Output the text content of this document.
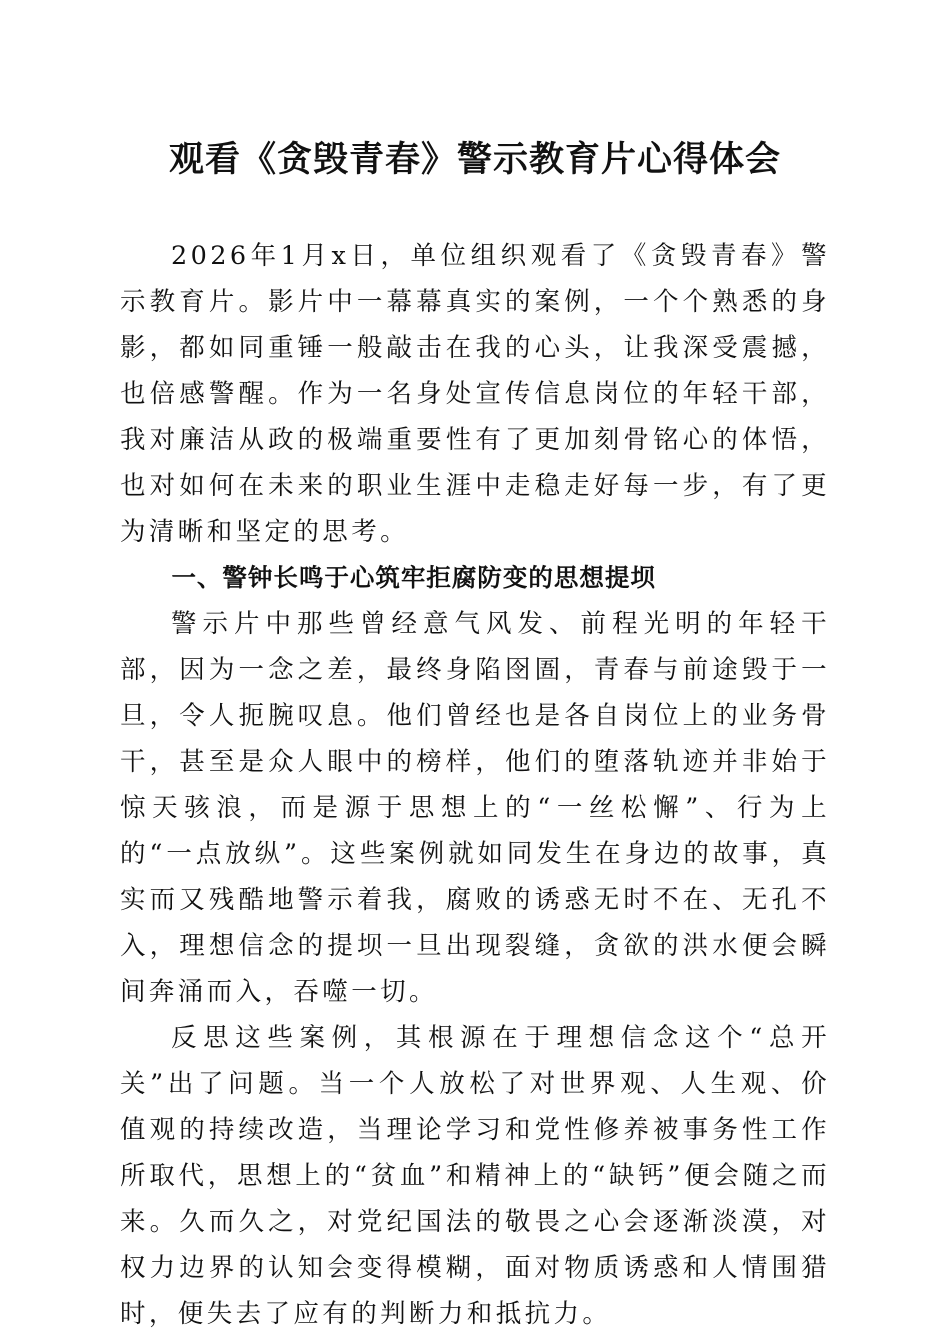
观看《贪毁青春》警示教育片心得体会

2026年1月x日，单位组织观看了《贪毁青春》警示教育片。影片中一幕幕真实的案例，一个个熟悉的身影，都如同重锤一般敲击在我的心头，让我深受震撼，也倍感警醒。作为一名身处宣传信息岗位的年轻干部，我对廉洁从政的极端重要性有了更加刻骨铭心的体悟，也对如何在未来的职业生涯中走稳走好每一步，有了更为清晰和坚定的思考。

一、警钟长鸣于心筑牢拒腐防变的思想提坝

警示片中那些曾经意气风发、前程光明的年轻干部，因为一念之差，最终身陷囹圄，青春与前途毁于一旦，令人扼腕叹息。他们曾经也是各自岗位上的业务骨干，甚至是众人眼中的榜样，他们的堕落轨迹并非始于惊天骇浪，而是源于思想上的“一丝松懈”、行为上的“一点放纵”。这些案例就如同发生在身边的故事，真实而又残酷地警示着我，腐败的诱惑无时不在、无孔不入，理想信念的提坝一旦出现裂缝，贪欲的洪水便会瞬间奔涌而入，吞噬一切。

反思这些案例，其根源在于理想信念这个“总开关”出了问题。当一个人放松了对世界观、人生观、价值观的持续改造，当理论学习和党性修养被事务性工作所取代，思想上的“贫血”和精神上的“缺钙”便会随之而来。久而久之，对党纪国法的敬畏之心会逐渐淡漠，对权力边界的认知会变得模糊，面对物质诱惑和人情围猎时，便失去了应有的判断力和抵抗力。
